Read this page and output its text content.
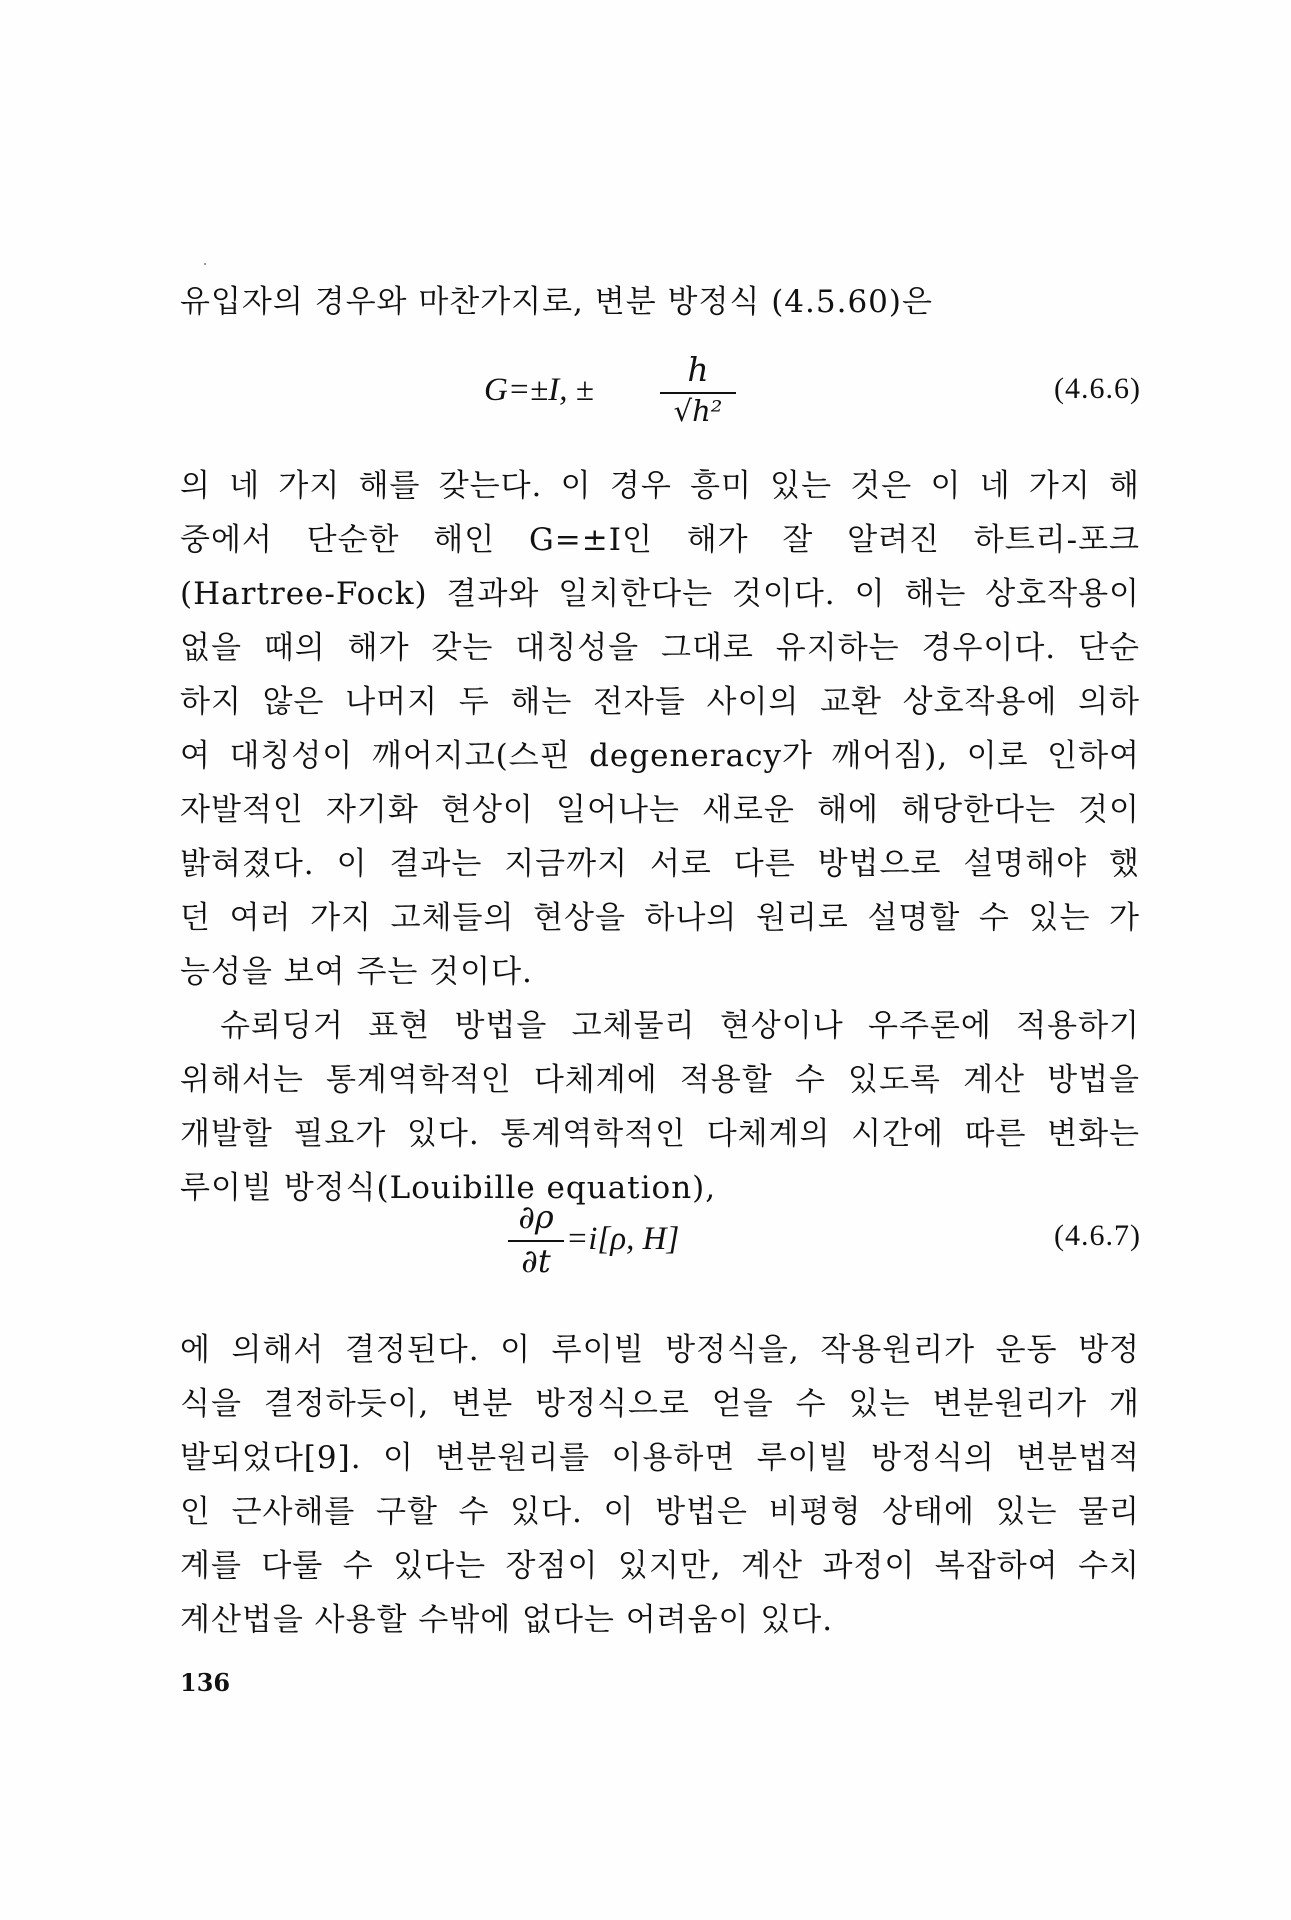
유입자의 경우와 마찬가지로, 변분 방정식 (4.5.60)은
의 네 가지 해를 갖는다. 이 경우 흥미 있는 것은 이 네 가지 해
중에서 단순한 해인 G=±I인 해가 잘 알려진 하트리-포크
(Hartree-Fock) 결과와 일치한다는 것이다. 이 해는 상호작용이
없을 때의 해가 갖는 대칭성을 그대로 유지하는 경우이다. 단순
하지 않은 나머지 두 해는 전자들 사이의 교환 상호작용에 의하
여 대칭성이 깨어지고(스핀 degeneracy가 깨어짐), 이로 인하여
자발적인 자기화 현상이 일어나는 새로운 해에 해당한다는 것이
밝혀졌다. 이 결과는 지금까지 서로 다른 방법으로 설명해야 했
던 여러 가지 고체들의 현상을 하나의 원리로 설명할 수 있는 가
능성을 보여 주는 것이다.
슈뢰딩거 표현 방법을 고체물리 현상이나 우주론에 적용하기
위해서는 통계역학적인 다체계에 적용할 수 있도록 계산 방법을
개발할 필요가 있다. 통계역학적인 다체계의 시간에 따른 변화는
루이빌 방정식(Louibille equation),
에 의해서 결정된다. 이 루이빌 방정식을, 작용원리가 운동 방정
식을 결정하듯이, 변분 방정식으로 얻을 수 있는 변분원리가 개
발되었다[9]. 이 변분원리를 이용하면 루이빌 방정식의 변분법적
인 근사해를 구할 수 있다. 이 방법은 비평형 상태에 있는 물리
계를 다룰 수 있다는 장점이 있지만, 계산 과정이 복잡하여 수치
계산법을 사용할 수밖에 없다는 어려움이 있다.
G=±I, ±
h
√h²
(4.6.6)
∂ρ
∂t
=i[ρ, H]	(4.6.7)
136
